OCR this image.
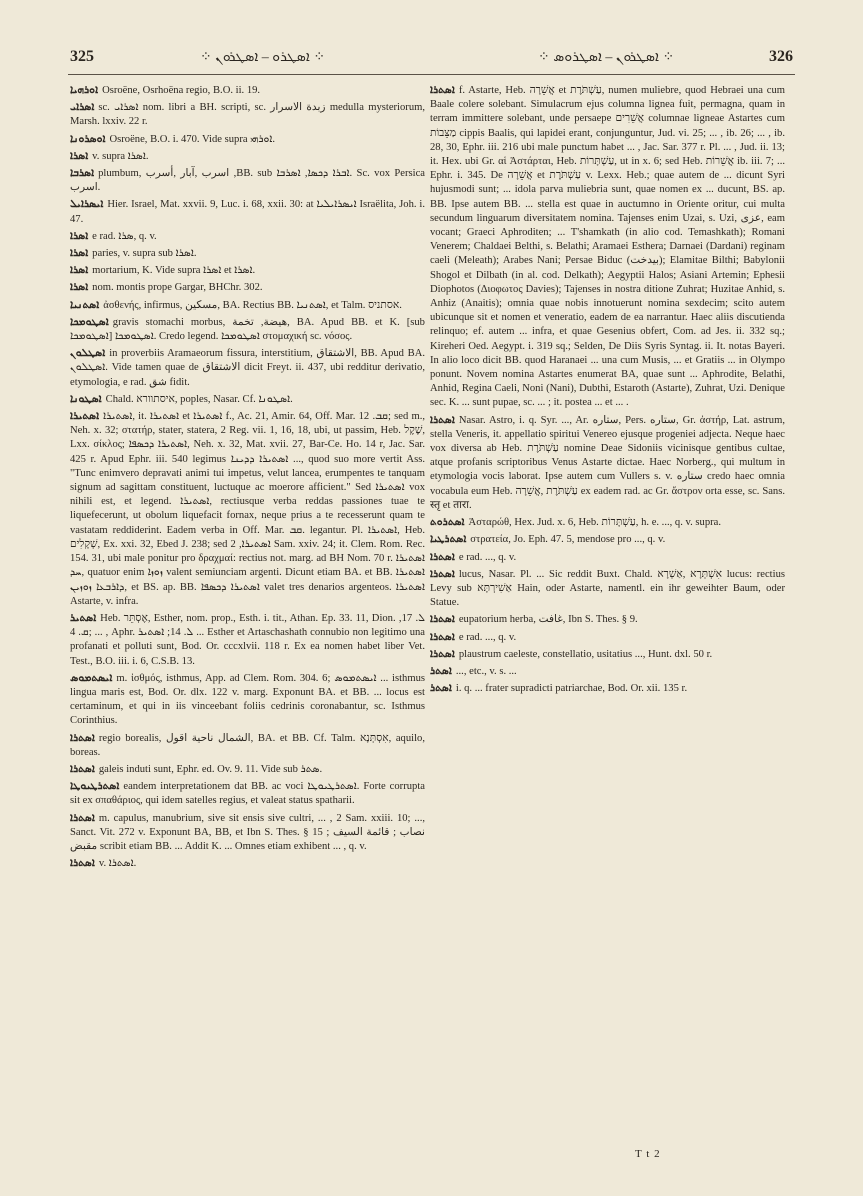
325	⁘ ܐܣܛܪܘ – ܐܣܛܪܘܢ ⁘	⁘ ܐܣܛܪܘܢ – ܐܣܛܪܘܣ ⁘	326

ܐܘܪܗܝܐ Osroëne, Osrhoëna regio, B.O. ii. 19.

ܐܣܪܐܝ sc. ܐܣܪܐܝ nom. libri a BH. scripti, sc. زبدة الاسرار medulla mysteriorum, Marsh. lxxiv. 22 r.

ܐܘܣܪܘܢܐ Osroëne, B.O. i. 470. Vide supra ܐܘܪܗܝ.

ܐܣܪܐ v. supra ܐܣܪܐ.

ܐܣܪܒܐ plumbum, اسرب ,آبار ,أسرب ,BB. sub ܐܒܪܐ ܕܟܣܐ, ܐܣܪܒܐ. Sc. vox Persica اسرب.

ܐܝܣܪܐܝܠ Hier. Israel, Mat. xxvii. 9, Luc. i. 68, xxii. 30: at ܐܝܣܪܐܝܠܝܐ Israëlita, Joh. i. 47.

ܐܣܪܐ e rad. ܣܪܐ, q. v.

ܐܣܪܐ paries, v. supra sub ܐܣܪܐ.

ܐܣܪܐ mortarium, K. Vide supra ܐܣܪܐ et ܐܣܪܐ.

ܐܣܪܐ nom. montis prope Gargar, BHChr. 302.

ܐܣܬܢܝܐ ἀσθενής, infirmus, مسكين, BA. Rectius BB. ܐܣܬܢܝܐ, et Talm. אסתניס.

ܐܣܛܘܡܟܐ gravis stomachi morbus, هيضة, تخمة, BA. Apud BB. et K. [sub ܐܣܛܘܡܟܐ] ܐܣܛܘܡܟܐ. Credo legend. ܐܣܛܘܡܟܐ στομαχική sc. νόσος.

ܐܣܛܠܘܢ in proverbiis Aramaeorum fissura, interstitium, الاشتقاق, BB. Apud BA. ܐܣܛܠܘܢ. Vide tamen quae de الاشتقاق dicit Freyt. ii. 437, ubi redditur derivatio, etymologia, e rad. شق fidit.

ܐܣܛܘܢܐ Chald. איסתוורא, poples, Nasar. Cf. ܐܣܛܘܢܐ.

ܐܣܬܝܪܐ ܐܣܬܝܪܐ, it. ܐܣܬܝܪܐ et ܐܣܬܝܪܐ f., Ac. 21, Amir. 64, Off. Mar. ܩܒ. 12; sed m., Neh. x. 32; στατήρ, stater, statera, 2 Reg. vii. 1, 16, 18, ubi, ut passim, Heb. שֶׁקֶל, Lxx. σίκλος; ܐܣܬܝܪܐ ܕܟܣܦܐ, Neh. x. 32, Mat. xvii. 27, Bar-Ce. Ho. 14 r, Jac. Sar. 425 r. Apud Ephr. iii. 540 legimus ܐܣܬܝܪܐ ܕܕܝܢܐ ..., quod suo more vertit Ass. "Tunc enimvero depravati animi tui impetus, velut lancea, erumpentes te tanquam signum ad sagittam constituent, luctuque ac moerore afficient." Sed ܐܣܬܝܪܐ vox nihili est, et legend. ܐܣܬܝܪܐ, rectiusque verba reddas passiones tuae te liquefecerunt, ut obolum liquefacit fornax, neque prius a te recesserunt quam te vastatam reddiderint. Eadem verba in Off. Mar. ܩܒ. legantur. Pl. ܐܣܬܝܪܐ, Heb. שְׁקָלִים, Ex. xxi. 32, Ebed J. 238; sed ܐܣܬܝܪܐ, 2 Sam. xxiv. 24; it. Clem. Rom. Rec. 154. 31, ubi male ponitur pro δραχμαί: rectius not. marg. ad BH Nom. 70 r. ܐܣܬܝܪܐ ܚܕ, quatuor enim ܙܘܙܐ valent semiunciam argenti. Dicunt etiam BA. et BB. ܐܣܬܝܪܐ ܕܐܪܒܥܐ ܙܘܙܝܢ, et BS. ap. BB. ܐܣܬܝܪܐ ܕܟܣܦܐ valet tres denarios argenteos. ܐܣܬܝܪܐ Astarte, v. infra.

ܐܣܬܝܪ Heb. אֶסְתֵּר, Esther, nom. prop., Esth. i. tit., Athan. Ep. 33. 11, Dion. ܠ. 17, ܩ. 4; ... , Aphr. ܠ. 14; ܐܣܬܝܪ ... Esther et Artaschashath connubio non legitimo una profanati et polluti sunt, Bod. Or. cccxlvii. 118 r. Ex ea nomen habet liber Vet. Test., B.O. iii. i. 6, C.S.B. 13.

ܐܝܣܬܡܘܣ m. ἰσθμός, isthmus, App. ad Clem. Rom. 304. 6; ܐܝܣܬܡܘܣ ... isthmus lingua maris est, Bod. Or. dlx. 122 v. marg. Exponunt BA. et BB. ... locus est certaminum, et qui in iis vinceebant foliis cedrinis coronabantur, sc. Isthmus Corinthius.

ܐܣܬܪܐ regio borealis, الشمال ناحية اقول, BA. et BB. Cf. Talm. אִסְתְּנָא, aquilo, boreas.

ܐܣܬܪܐ galeis induti sunt, Ephr. ed. Ov. 9. 11. Vide sub ܣܬܪ.

ܐܣܬܪܛܝܘܛܐ eandem interpretationem dat BB. ac voci ܐܣܬܪܛܝܘܛܐ. Forte corrupta sit ex σπαθάριος, qui idem satelles regius, et valeat status spatharii.

ܐܣܬܪܐ m. capulus, manubrium, sive sit ensis sive cultri, ... , 2 Sam. xxiii. 10; ..., Sanct. Vit. 272 v. Exponunt BA, BB, et Ibn S. Thes. § 15 نصاب ; قائمة السيف ; مقبض scribit etiam BB. ... Addit K. ... Omnes etiam exhibent ... , q. v.

ܐܣܬܪܐ v. ܐܣܬܪܐ.

ܐܣܬܪܐ f. Astarte, Heb. אֲשֵׁרָה et עַשְׁתֹּרֶת, numen muliebre, quod Hebraei una cum Baale colere solebant. Simulacrum ejus columna lignea fuit, permagna, quam in terram immittere solebant, unde persaepe אֲשֵׁרִים columnae ligneae Astartes cum מַצֵּבוֹת cippis Baalis, qui lapidei erant, conjunguntur, Jud. vi. 25; ... , ib. 26; ... , ib. 28, 30, Ephr. iii. 216 ubi male punctum habet ... , Jac. Sar. 377 r. Pl. ... , Jud. ii. 13; it. Hex. ubi Gr. αἱ Ἀστάρται, Heb. עַשְׁתָּרוֹת, ut in x. 6; sed Heb. אֲשֵׁרוֹת ib. iii. 7; ... Ephr. i. 345. De אֲשֵׁרָה et עַשְׁתֹּרֶת v. Lexx. Heb.; quae autem de ... dicunt Syri hujusmodi sunt; ... idola parva muliebria sunt, quae nomen ex ... ducunt, BS. ap. BB. Ipse autem BB. ... stella est quae in auctumno in Oriente oritur, cui multa secundum linguarum diversitatem nomina. Tajenses enim Uzai, s. Uzi, عزى, eam vocant; Graeci Aphroditen; ... T'shamkath (in alio cod. Temashkath); Romani Venerem; Chaldaei Belthi, s. Belathi; Aramaei Esthera; Darnaei (Dardani) reginam caeli (Meleath); Arabes Nani; Persae Biduc (بيدخت); Elamitae Bilthi; Babylonii Shogol et Dilbath (in al. cod. Delkath); Aegyptii Halos; Asiani Artemin; Ephesii Diophotos (Διοφωτος Davies); Tajenses in nostra ditione Zuhrat; Huzitae Anhid, s. Anhiz (Anaitis); omnia quae nobis innotuerunt nomina sexdecim; scito autem ubicunque sit et nomen et veneratio, eadem de ea narrantur. Haec aliis discutienda relinquo; ef. autem ... infra, et quae Gesenius obfert, Com. ad Jes. ii. 332 sq.; Kireheri Oed. Aegypt. i. 319 sq.; Selden, De Diis Syris Syntag. ii. It. notas Bayeri. In alio loco dicit BB. quod Haranaei ... una cum Musis, ... et Gratiis ... in Olympo ponunt. Novem nomina Astartes enumerat BA, quae sunt ... Aphrodite, Belathi, Anhid, Regina Caeli, Noni (Nani), Dubthi, Estaroth (Astarte), Zuhrat, Uzi. Denique sec. K. ... sunt pupae, sc. ... ; it. postea ... et ... .

ܐܣܬܪܐ Nasar. Astro, i. q. Syr. ..., Ar. ستاره, Pers. ستاره, Gr. ἀστήρ, Lat. astrum, stella Veneris, it. appellatio spiritui Venereo ejusque progeniei adjecta. Neque haec vox diversa ab Heb. עַשְׁתֹּרֶת nomine Deae Sidoniis vicinisque gentibus cultae, atque profanis scriptoribus Venus Astarte dictae. Haec Norberg., qui multum in etymologia vocis laborat. Ipse autem cum Vullers s. v. ستاره credo haec omnia vocabula eum Heb. עַשְׁתֹּרֶת ,אֲשֵׁרָה ex eadem rad. ac Gr. ἄστρον orta esse, sc. Sans. स्तृ et तारा.

ܐܣܬܪܘܬ Ἀσταρώθ, Hex. Jud. x. 6, Heb. עַשְׁתָּרוֹת, h. e. ..., q. v. supra.

ܐܣܬܪܛܝܐ στρατεία, Jo. Eph. 47. 5, mendose pro ..., q. v.

ܐܣܬܪܐ e rad. ..., q. v.

ܐܣܬܪܐ lucus, Nasar. Pl. ... Sic reddit Buxt. Chald. אִשְׁתְּרָא ,אַשְׁרָא lucus: rectius Levy sub אַשִׁירְתָּא Hain, oder Astarte, namentl. ein ihr geweihter Baum, oder Statue.

ܐܣܬܪܐ eupatorium herba, غافت, Ibn S. Thes. § 9.

ܐܣܬܪܐ e rad. ..., q. v.

ܐܣܬܪܐ plaustrum caeleste, constellatio, usitatius ..., Hunt. dxl. 50 r.

ܐܣܬܪ ..., etc., v. s. ...

ܐܣܬܪ i. q. ... frater supradicti patriarchae, Bod. Or. xii. 135 r.

T t 2
